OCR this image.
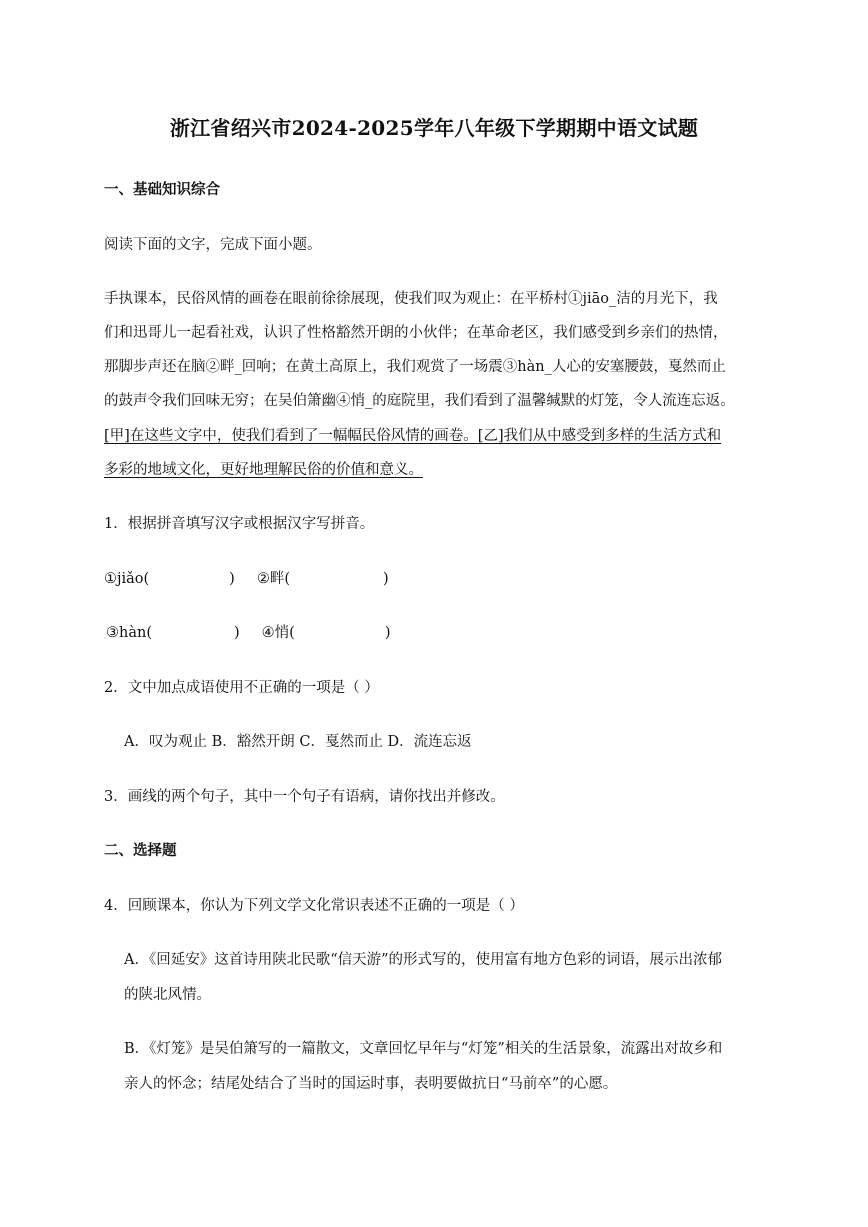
浙江省绍兴市2024-2025学年八年级下学期期中语文试题
一、基础知识综合
阅读下面的文字，完成下面小题。
手执课本，民俗风情的画卷在眼前徐徐展现，使我们叹为观止：在平桥村①jiāo_洁的月光下，我
们和迅哥儿一起看社戏，认识了性格豁然开朗的小伙伴；在革命老区，我们感受到乡亲们的热情，
那脚步声还在脑②畔_回响；在黄土高原上，我们观赏了一场震③hàn_人心的安塞腰鼓，戛然而止
的鼓声令我们回味无穷；在吴伯箫幽④悄_的庭院里，我们看到了温馨缄默的灯笼，令人流连忘返。
[甲]在这些文字中，使我们看到了一幅幅民俗风情的画卷。[乙]我们从中感受到多样的生活方式和
多彩的地域文化，更好地理解民俗的价值和意义。
1．根据拼音填写汉字或根据汉字写拼音。
①jiǎo(	) ②畔(	)
③hàn(	) ④悄(	)
2．文中加点成语使用不正确的一项是（ ）
A．叹为观止 B．豁然开朗 C．戛然而止 D．流连忘返
3．画线的两个句子，其中一个句子有语病，请你找出并修改。
二、选择题
4．回顾课本，你认为下列文学文化常识表述不正确的一项是（ ）
A．《回延安》这首诗用陕北民歌“信天游”的形式写的，使用富有地方色彩的词语，展示出浓郁
的陕北风情。
B．《灯笼》是吴伯箫写的一篇散文，文章回忆早年与“灯笼”相关的生活景象，流露出对故乡和
亲人的怀念；结尾处结合了当时的国运时事，表明要做抗日“马前卒”的心愿。
